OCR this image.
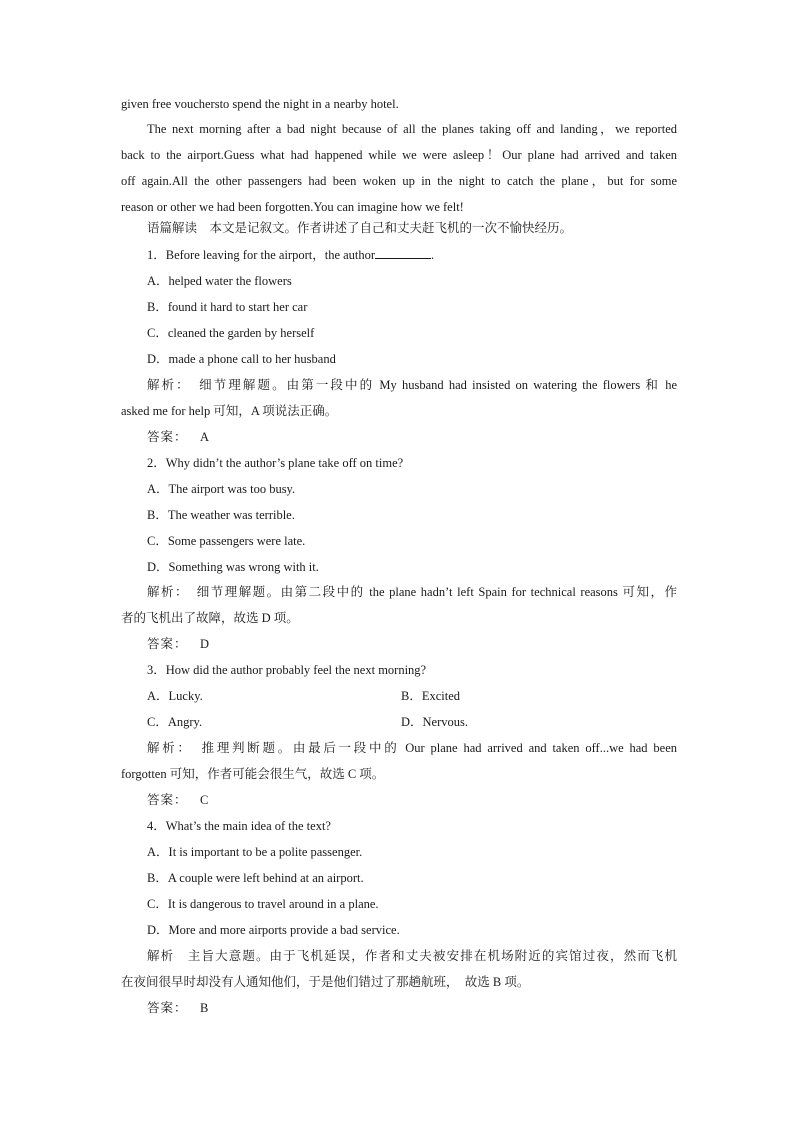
given free vouchersto spend the night in a nearby hotel.
The next morning after a bad night because of all the planes taking off and landing，we reported
back to the airport.Guess what had happened while we were asleep！Our plane had arrived and taken
off again.All the other passengers had been woken up in the night to catch the plane，but for some
reason or other we had been forgotten.You can imagine how we felt!
语篇解读　本文是记叙文。作者讲述了自己和丈夫赶飞机的一次不愉快经历。
1．Before leaving for the airport，the author	.
A．helped water the flowers
B．found it hard to start her car
C．cleaned the garden by herself
D．made a phone call to her husband
解析：　细节理解题。由第一段中的 My husband had insisted on watering the flowers 和 he
asked me for help 可知，A 项说法正确。
答案： A
2．Why didn’t the author’s plane take off on time?
A．The airport was too busy.
B．The weather was terrible.
C．Some passengers were late.
D．Something was wrong with it.
解析：　细节理解题。由第二段中的 the plane hadn’t left Spain for technical reasons 可知，作
者的飞机出了故障，故选 D 项。
答案： D
3．How did the author probably feel the next morning?
A．Lucky.	B．Excited
C．Angry.	D．Nervous.
解析：　推理判断题。由最后一段中的 Our plane had arrived and taken off...we had been
forgotten 可知，作者可能会很生气，故选 C 项。
答案： C
4．What’s the main idea of the text?
A．It is important to be a polite passenger.
B．A couple were left behind at an airport.
C．It is dangerous to travel around in a plane.
D．More and more airports provide a bad service.
解析　主旨大意题。由于飞机延误，作者和丈夫被安排在机场附近的宾馆过夜，然而飞机
在夜间很早时却没有人通知他们，于是他们错过了那趟航班，　故选 B 项。
答案： B
